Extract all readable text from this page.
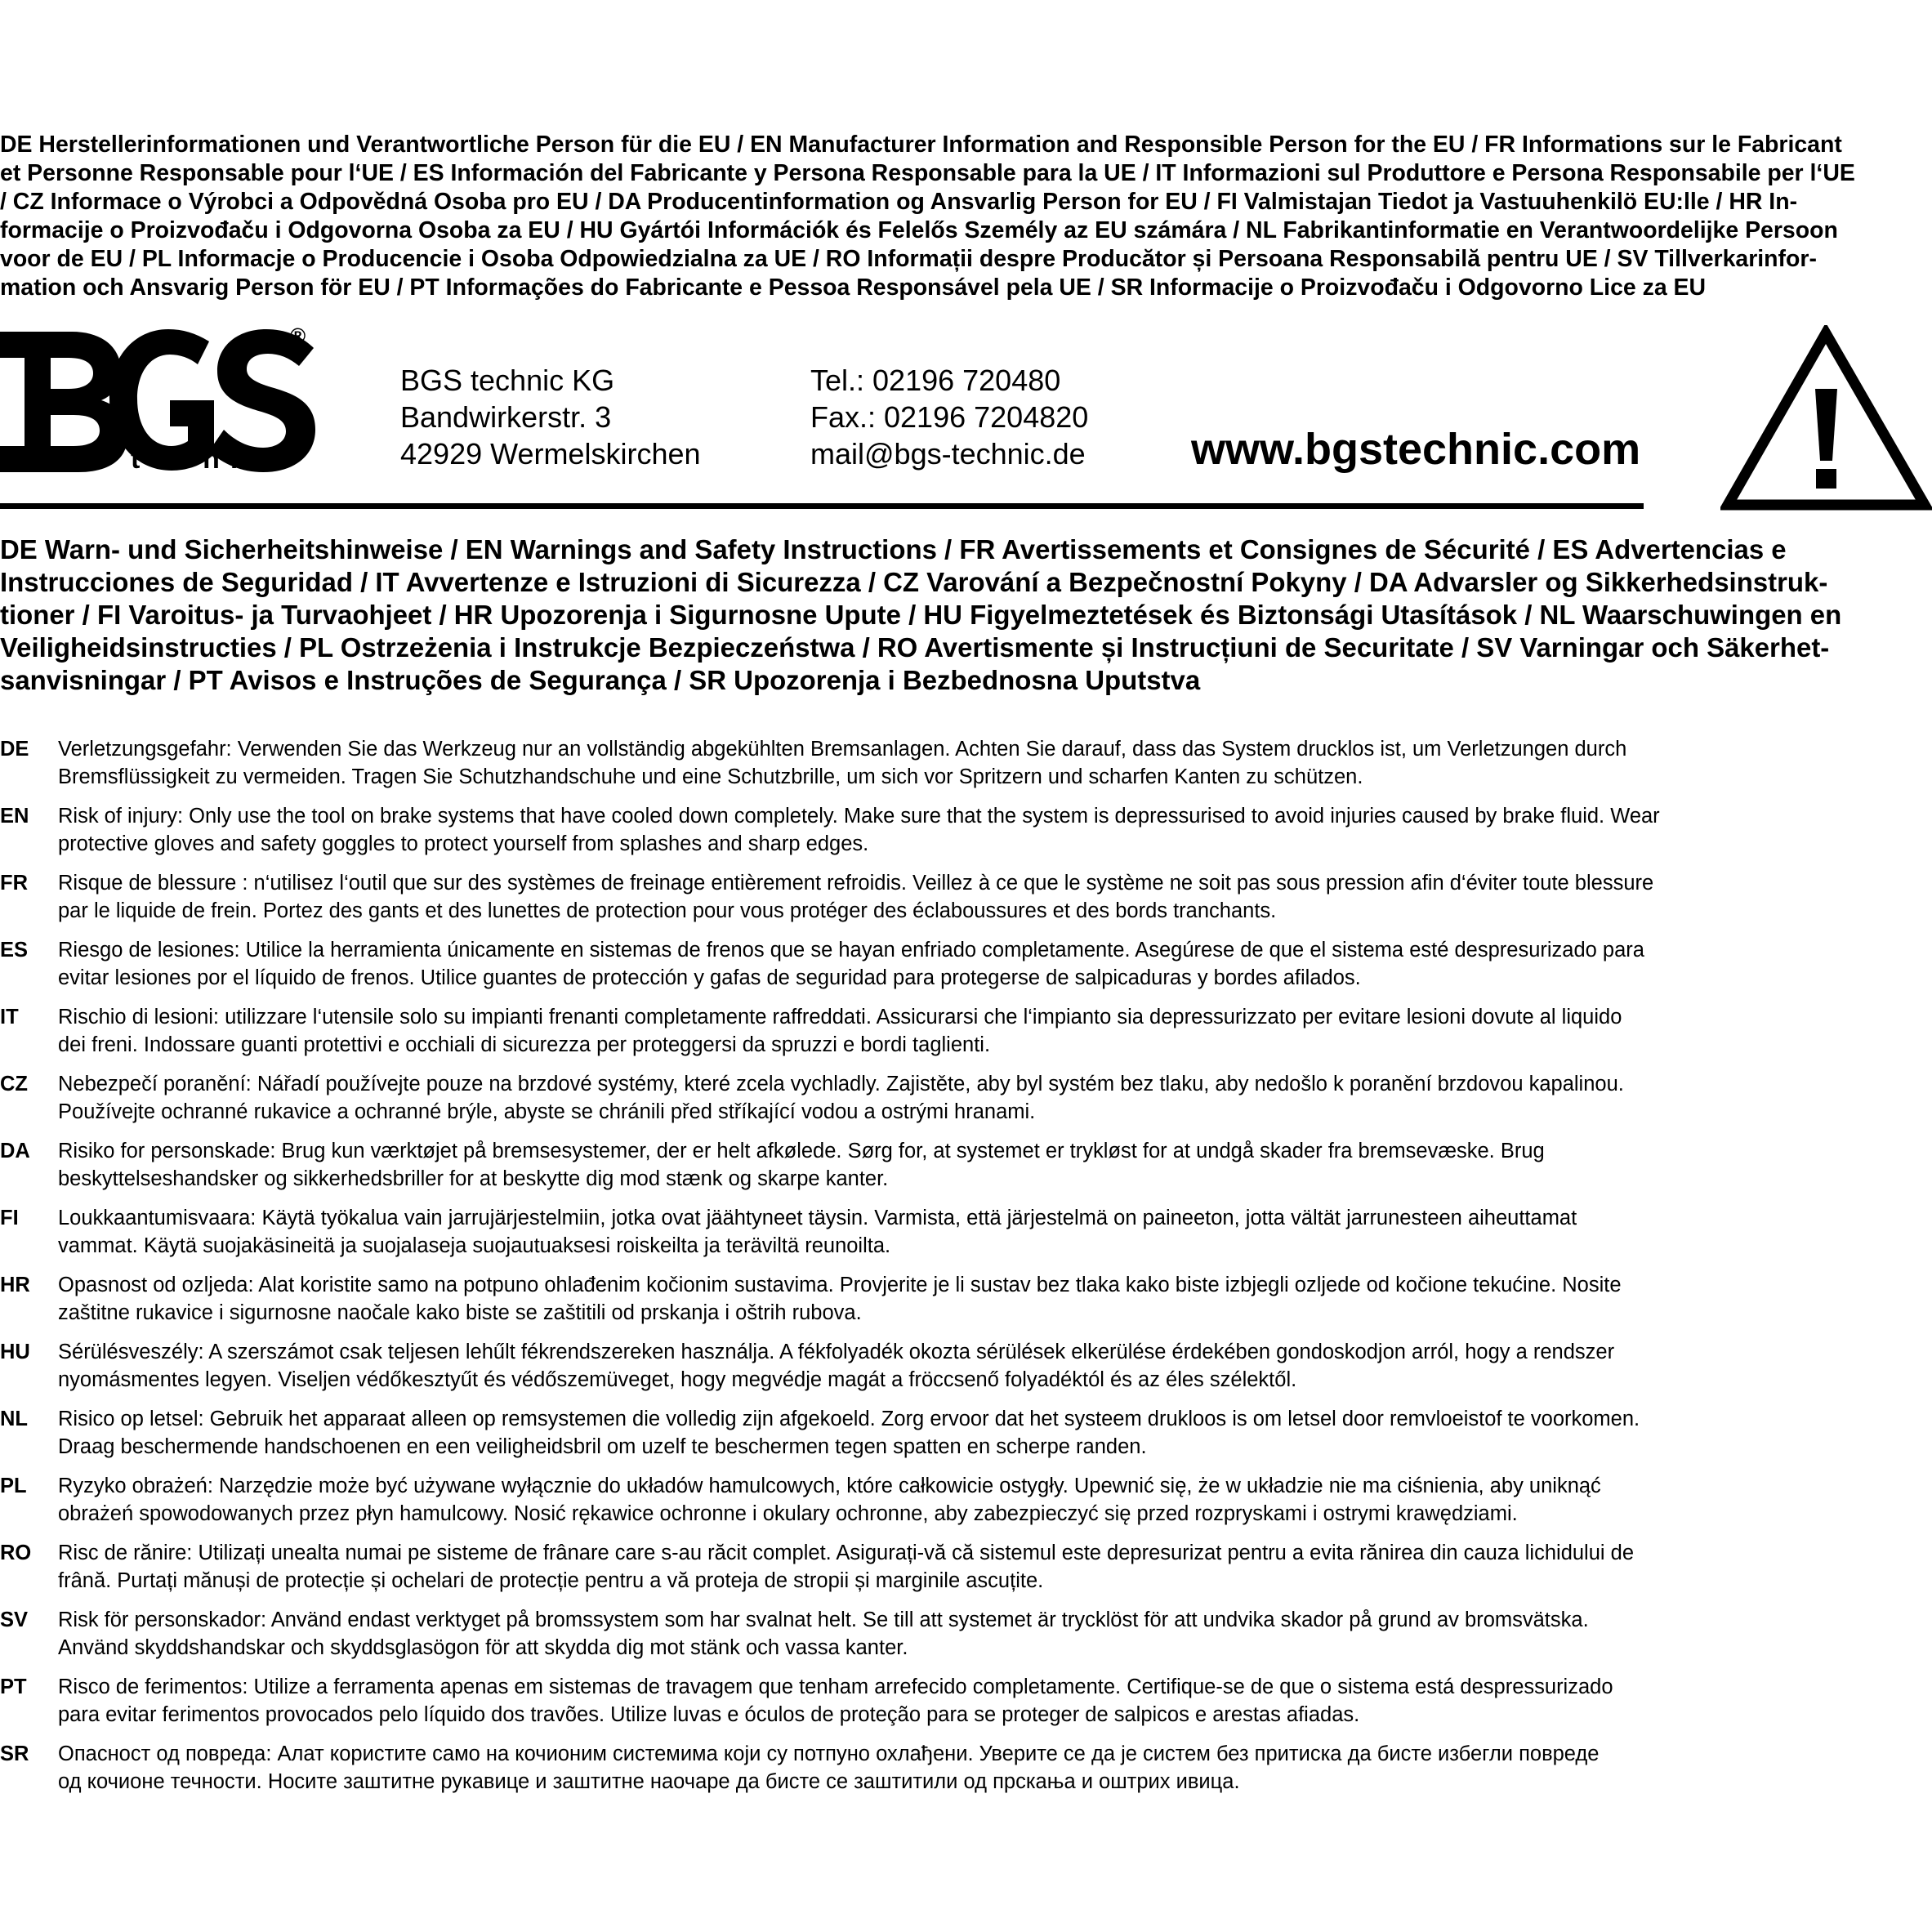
DE Herstellerinformationen und Verantwortliche Person für die EU / EN Manufacturer Information and Responsible Person for the EU / FR Informations sur le Fabricant
et Personne Responsable pour l‘UE / ES Información del Fabricante y Persona Responsable para la UE / IT Informazioni sul Produttore e Persona Responsabile per l‘UE
/ CZ Informace o Výrobci a Odpovědná Osoba pro EU / DA Producentinformation og Ansvarlig Person for EU / FI Valmistajan Tiedot ja Vastuuhenkilö EU:lle / HR In-
formacije o Proizvođaču i Odgovorna Osoba za EU / HU Gyártói Információk és Felelős Személy az EU számára / NL Fabrikantinformatie en Verantwoordelijke Persoon
voor de EU / PL Informacje o Producencie i Osoba Odpowiedzialna za UE / RO Informații despre Producător și Persoana Responsabilă pentru UE / SV Tillverkarinfor-
mation och Ansvarig Person för EU / PT Informações do Fabricante e Pessoa Responsável pela UE / SR Informacije o Proizvođaču i Odgovorno Lice za EU
®
technic
BGS technic KG
Bandwirkerstr. 3
42929 Wermelskirchen
Tel.: 02196 720480
Fax.: 02196 7204820
mail@bgs-technic.de www.bgstechnic.com
DE Warn- und Sicherheitshinweise / EN Warnings and Safety Instructions / FR Avertissements et Consignes de Sécurité / ES Advertencias e
Instrucciones de Seguridad / IT Avvertenze e Istruzioni di Sicurezza / CZ Varování a Bezpečnostní Pokyny / DA Advarsler og Sikkerhedsinstruk-
tioner / FI Varoitus- ja Turvaohjeet / HR Upozorenja i Sigurnosne Upute / HU Figyelmeztetések és Biztonsági Utasítások / NL Waarschuwingen en
Veiligheidsinstructies / PL Ostrzeżenia i Instrukcje Bezpieczeństwa / RO Avertismente și Instrucțiuni de Securitate / SV Varningar och Säkerhet-
sanvisningar / PT Avisos e Instruções de Segurança / SR Upozorenja i Bezbednosna Uputstva
DE Verletzungsgefahr: Verwenden Sie das Werkzeug nur an vollständig abgekühlten Bremsanlagen. Achten Sie darauf, dass das System drucklos ist, um Verletzungen durch
Bremsflüssigkeit zu vermeiden. Tragen Sie Schutzhandschuhe und eine Schutzbrille, um sich vor Spritzern und scharfen Kanten zu schützen.
EN Risk of injury: Only use the tool on brake systems that have cooled down completely. Make sure that the system is depressurised to avoid injuries caused by brake fluid. Wear
protective gloves and safety goggles to protect yourself from splashes and sharp edges.
FR Risque de blessure : n‘utilisez l‘outil que sur des systèmes de freinage entièrement refroidis. Veillez à ce que le système ne soit pas sous pression afin d‘éviter toute blessure
par le liquide de frein. Portez des gants et des lunettes de protection pour vous protéger des éclaboussures et des bords tranchants.
ES Riesgo de lesiones: Utilice la herramienta únicamente en sistemas de frenos que se hayan enfriado completamente. Asegúrese de que el sistema esté despresurizado para
evitar lesiones por el líquido de frenos. Utilice guantes de protección y gafas de seguridad para protegerse de salpicaduras y bordes afilados.
IT Rischio di lesioni: utilizzare l‘utensile solo su impianti frenanti completamente raffreddati. Assicurarsi che l‘impianto sia depressurizzato per evitare lesioni dovute al liquido
dei freni. Indossare guanti protettivi e occhiali di sicurezza per proteggersi da spruzzi e bordi taglienti.
CZ Nebezpečí poranění: Nářadí používejte pouze na brzdové systémy, které zcela vychladly. Zajistěte, aby byl systém bez tlaku, aby nedošlo k poranění brzdovou kapalinou.
Používejte ochranné rukavice a ochranné brýle, abyste se chránili před stříkající vodou a ostrými hranami.
DA Risiko for personskade: Brug kun værktøjet på bremsesystemer, der er helt afkølede. Sørg for, at systemet er trykløst for at undgå skader fra bremsevæske. Brug
beskyttelseshandsker og sikkerhedsbriller for at beskytte dig mod stænk og skarpe kanter.
FI Loukkaantumisvaara: Käytä työkalua vain jarrujärjestelmiin, jotka ovat jäähtyneet täysin. Varmista, että järjestelmä on paineeton, jotta vältät jarrunesteen aiheuttamat
vammat. Käytä suojakäsineitä ja suojalaseja suojautuaksesi roiskeilta ja teräviltä reunoilta.
HR Opasnost od ozljeda: Alat koristite samo na potpuno ohlađenim kočionim sustavima. Provjerite je li sustav bez tlaka kako biste izbjegli ozljede od kočione tekućine. Nosite
zaštitne rukavice i sigurnosne naočale kako biste se zaštitili od prskanja i oštrih rubova.
HU Sérülésveszély: A szerszámot csak teljesen lehűlt fékrendszereken használja. A fékfolyadék okozta sérülések elkerülése érdekében gondoskodjon arról, hogy a rendszer
nyomásmentes legyen. Viseljen védőkesztyűt és védőszemüveget, hogy megvédje magát a fröccsenő folyadéktól és az éles szélektől.
NL Risico op letsel: Gebruik het apparaat alleen op remsystemen die volledig zijn afgekoeld. Zorg ervoor dat het systeem drukloos is om letsel door remvloeistof te voorkomen.
Draag beschermende handschoenen en een veiligheidsbril om uzelf te beschermen tegen spatten en scherpe randen.
PL Ryzyko obrażeń: Narzędzie może być używane wyłącznie do układów hamulcowych, które całkowicie ostygły. Upewnić się, że w układzie nie ma ciśnienia, aby uniknąć
obrażeń spowodowanych przez płyn hamulcowy. Nosić rękawice ochronne i okulary ochronne, aby zabezpieczyć się przed rozpryskami i ostrymi krawędziami.
RO Risc de rănire: Utilizați unealta numai pe sisteme de frânare care s-au răcit complet. Asigurați-vă că sistemul este depresurizat pentru a evita rănirea din cauza lichidului de
frână. Purtați mănuși de protecție și ochelari de protecție pentru a vă proteja de stropii și marginile ascuțite.
SV Risk för personskador: Använd endast verktyget på bromssystem som har svalnat helt. Se till att systemet är trycklöst för att undvika skador på grund av bromsvätska.
Använd skyddshandskar och skyddsglasögon för att skydda dig mot stänk och vassa kanter.
PT Risco de ferimentos: Utilize a ferramenta apenas em sistemas de travagem que tenham arrefecido completamente. Certifique-se de que o sistema está despressurizado
para evitar ferimentos provocados pelo líquido dos travões. Utilize luvas e óculos de proteção para se proteger de salpicos e arestas afiadas.
SR Опасност од повреда: Алат користите само на кочионим системима који су потпуно охлађени. Уверите се да је систем без притиска да бисте избегли повреде
од кочионе течности. Носите заштитне рукавице и заштитне наочаре да бисте се заштитили од прскања и оштрих ивица.
